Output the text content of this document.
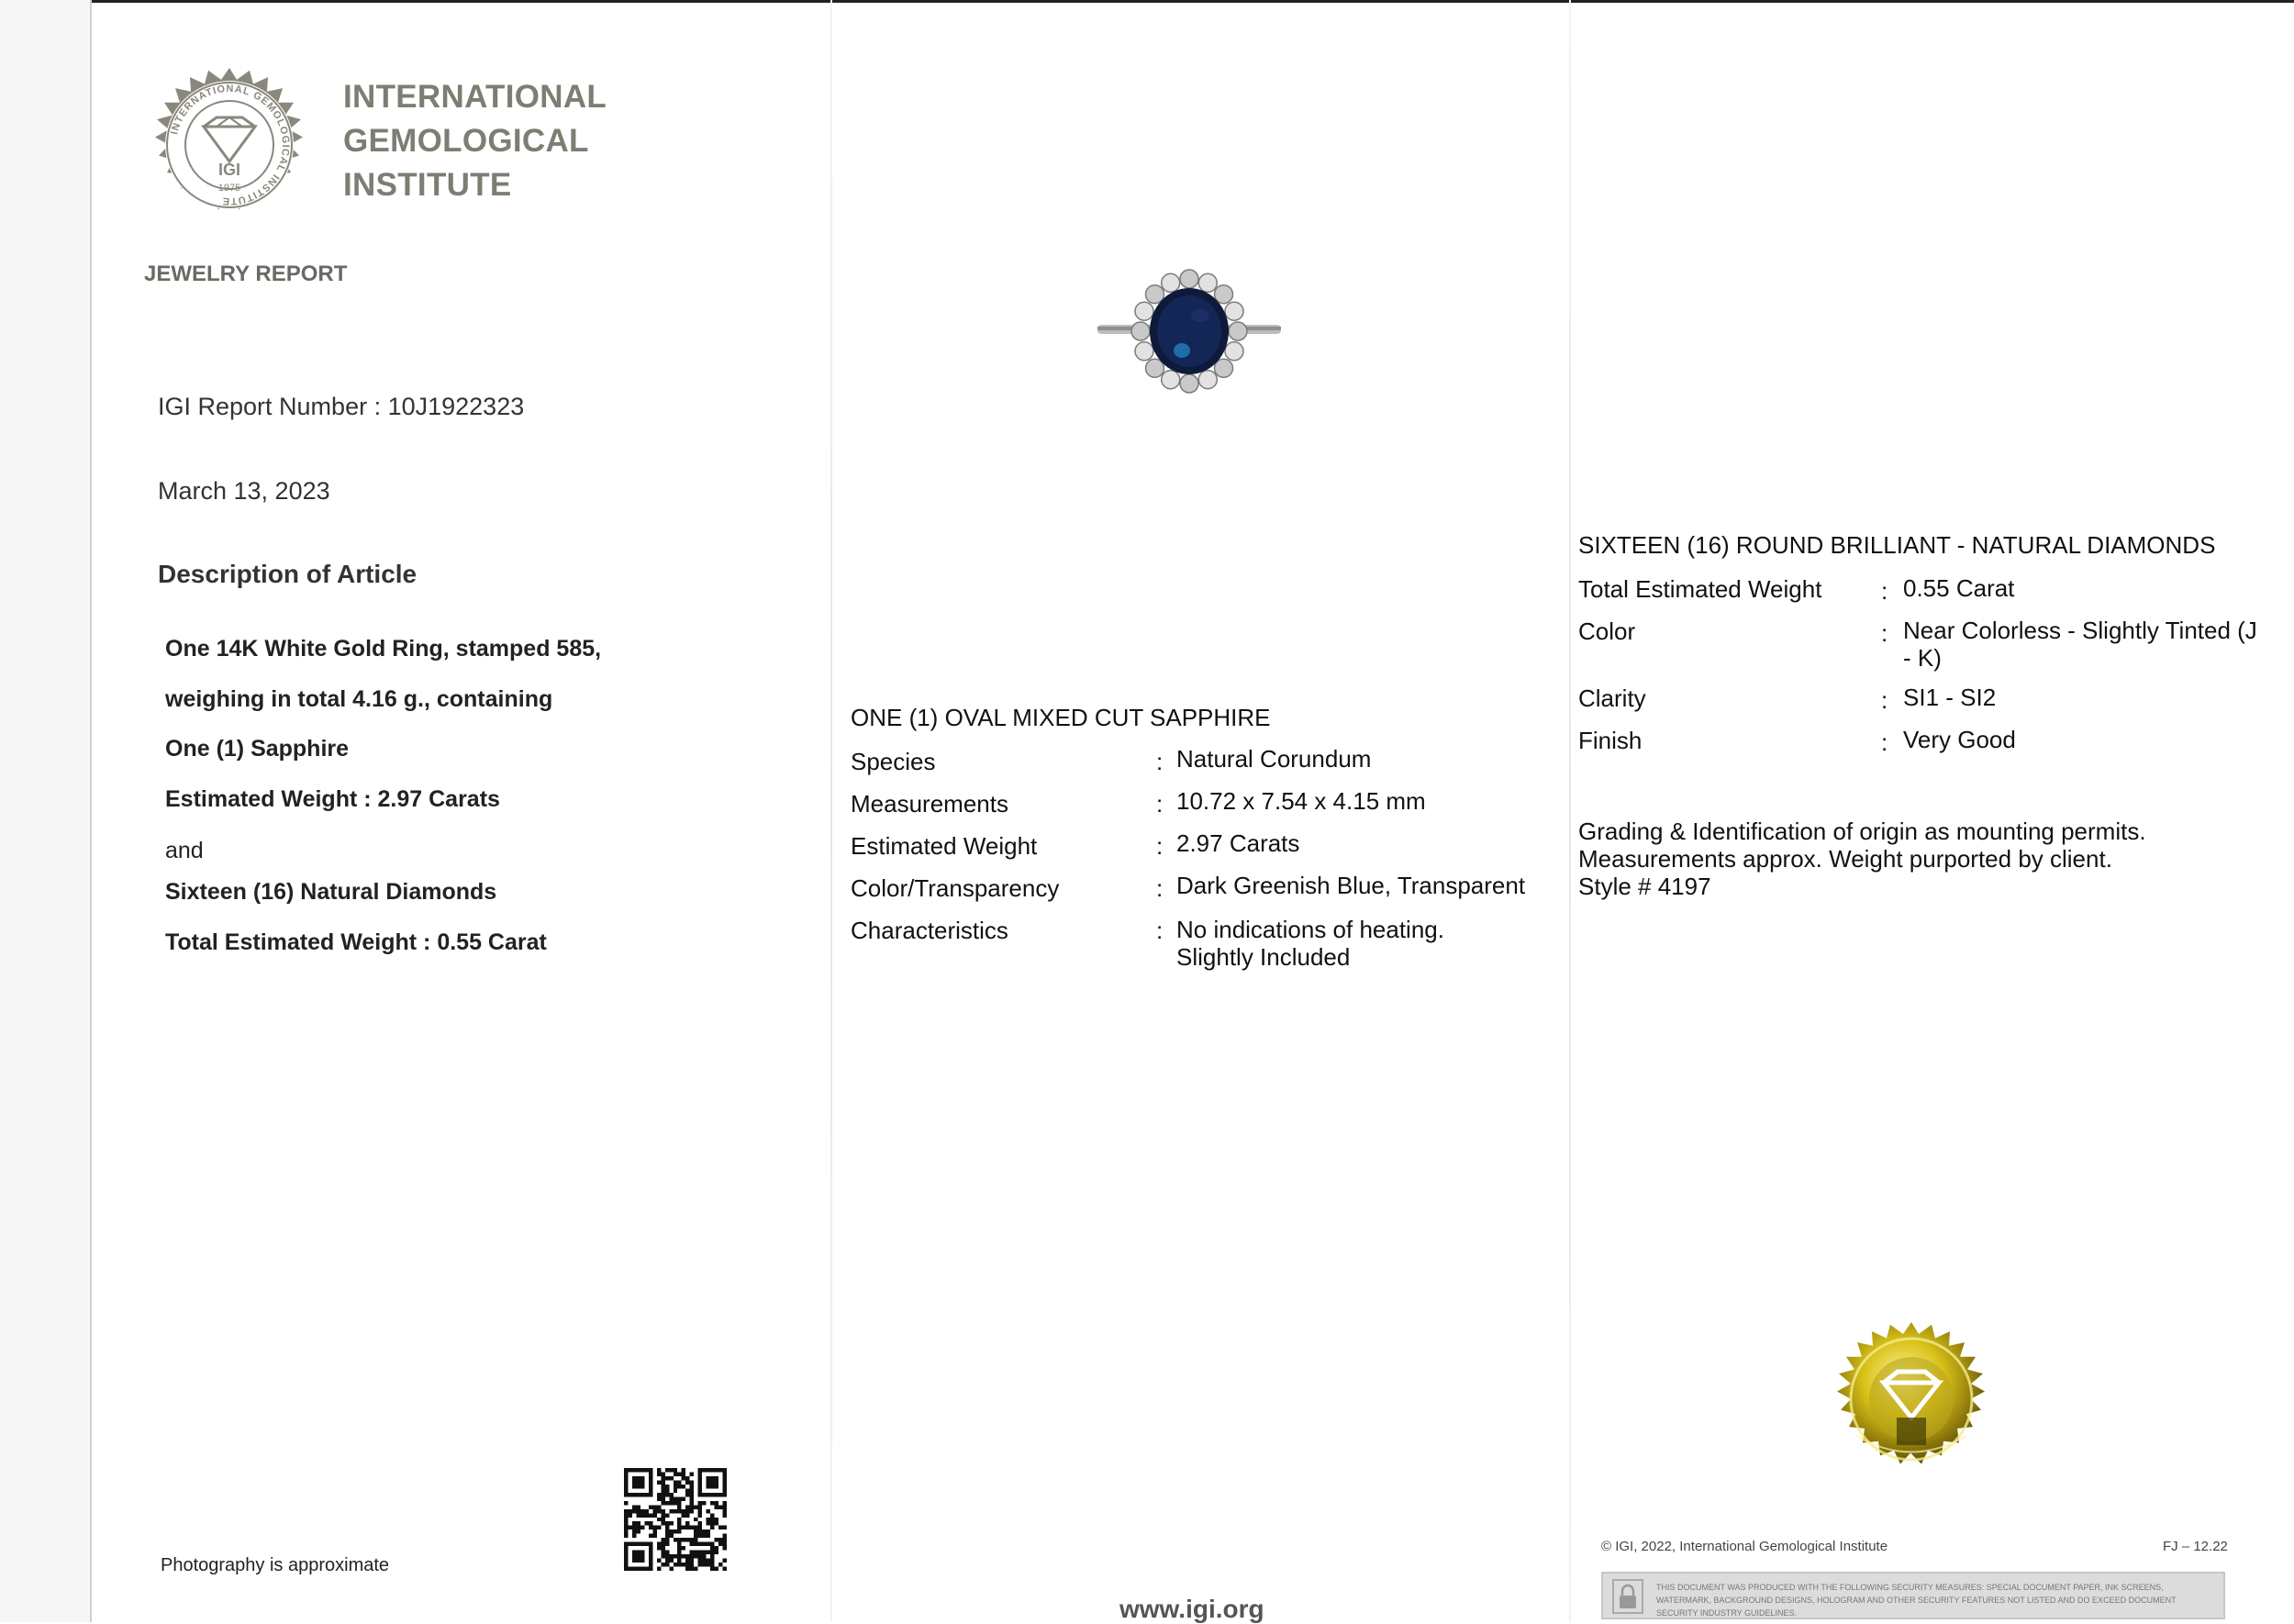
INTERNATIONAL GEMOLOGICAL INSTITUTE
IGI
1975
INTERNATIONAL
GEMOLOGICAL
INSTITUTE
JEWELRY REPORT
IGI Report Number : 10J1922323
March 13, 2023
Description of Article
One 14K White Gold Ring, stamped 585,
weighing in total 4.16 g., containing
One (1) Sapphire
Estimated Weight : 2.97 Carats
and
Sixteen (16) Natural Diamonds
Total Estimated Weight : 0.55 Carat
Photography is approximate
ONE (1) OVAL MIXED CUT SAPPHIRE
Species	: Natural Corundum
Measurements	: 10.72 x 7.54 x 4.15 mm
Estimated Weight	: 2.97 Carats
Color/Transparency	: Dark Greenish Blue, Transparent
Characteristics	: No indications of heating.
Slightly Included
www.igi.org
SIXTEEN (16) ROUND BRILLIANT - NATURAL DIAMONDS
Total Estimated Weight : 0.55 Carat
Color	: Near Colorless - Slightly Tinted (J
- K)
Clarity	: SI1 - SI2
Finish	: Very Good
Grading & Identification of origin as mounting permits.
Measurements approx. Weight purported by client.
Style # 4197
© IGI, 2022, International Gemological Institute	FJ – 12.22
THIS DOCUMENT WAS PRODUCED WITH THE FOLLOWING SECURITY MEASURES: SPECIAL DOCUMENT PAPER, INK SCREENS, WATERMARK, BACKGROUND DESIGNS, HOLOGRAM AND OTHER SECURITY FEATURES NOT LISTED AND DO EXCEED DOCUMENT SECURITY INDUSTRY GUIDELINES.
